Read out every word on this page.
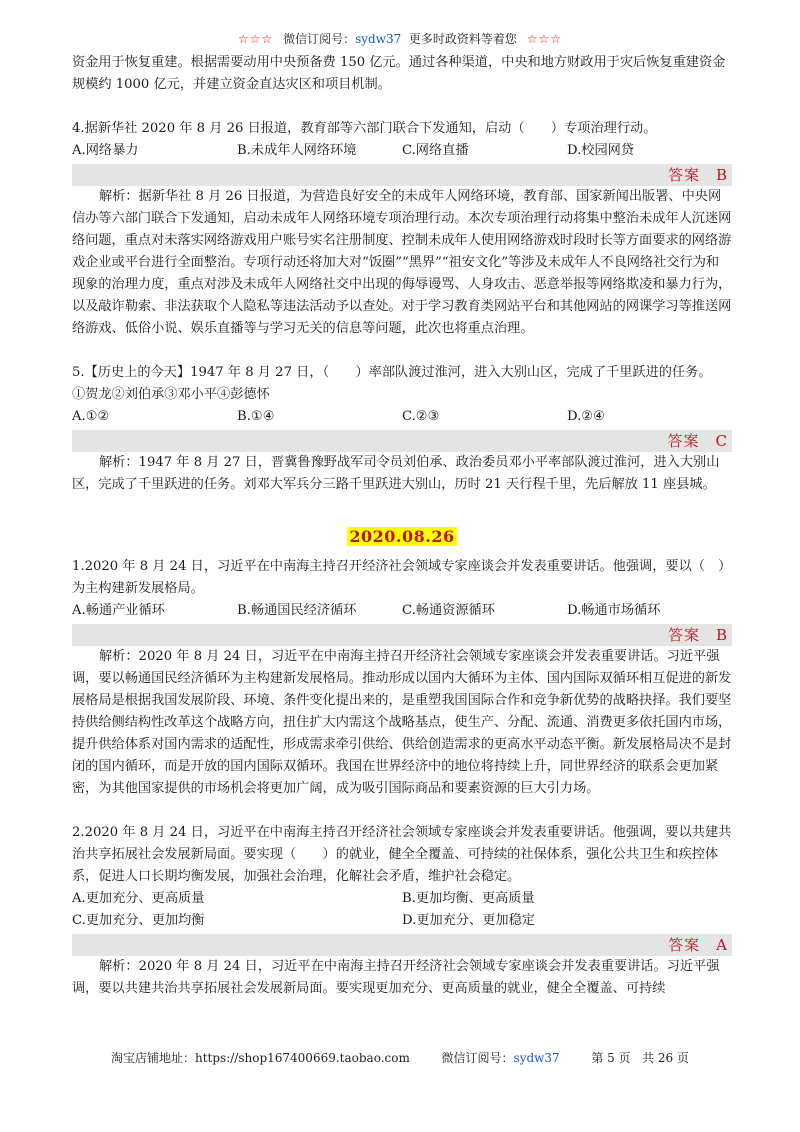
☆☆☆ 微信订阅号：sydw37 更多时政资料等着您 ☆☆☆

资金用于恢复重建。根据需要动用中央预备费 150 亿元。通过各种渠道，中央和地方财政用于灾后恢复重建资金规模约 1000 亿元，并建立资金直达灾区和项目机制。

4.据新华社 2020 年 8 月 26 日报道，教育部等六部门联合下发通知，启动（　　）专项治理行动。

A.网络暴力	B.未成年人网络环境	C.网络直播	D.校园网贷
答案　B

解析：据新华社 8 月 26 日报道，为营造良好安全的未成年人网络环境，教育部、国家新闻出版署、中央网信办等六部门联合下发通知，启动未成年人网络环境专项治理行动。本次专项治理行动将集中整治未成年人沉迷网络问题，重点对未落实网络游戏用户账号实名注册制度、控制未成年人使用网络游戏时段时长等方面要求的网络游戏企业或平台进行全面整治。专项行动还将加大对“饭圈”“黑界”“祖安文化”等涉及未成年人不良网络社交行为和现象的治理力度，重点对涉及未成年人网络社交中出现的侮辱谩骂、人身攻击、恶意举报等网络欺凌和暴力行为，以及敲诈勒索、非法获取个人隐私等违法活动予以查处。对于学习教育类网站平台和其他网站的网课学习等推送网络游戏、低俗小说、娱乐直播等与学习无关的信息等问题，此次也将重点治理。

5.【历史上的今天】1947 年 8 月 27 日，（　　）率部队渡过淮河，进入大别山区，完成了千里跃进的任务。

①贺龙②刘伯承③邓小平④彭德怀

A.①②	B.①④	C.②③	D.②④
答案　C

解析：1947 年 8 月 27 日，晋冀鲁豫野战军司令员刘伯承、政治委员邓小平率部队渡过淮河，进入大别山区，完成了千里跃进的任务。刘邓大军兵分三路千里跃进大别山，历时 21 天行程千里，先后解放 11 座县城。

2020.08.26

1.2020 年 8 月 24 日，习近平在中南海主持召开经济社会领域专家座谈会并发表重要讲话。他强调，要以（　）为主构建新发展格局。

A.畅通产业循环	B.畅通国民经济循环	C.畅通资源循环	D.畅通市场循环
答案　B

解析：2020 年 8 月 24 日，习近平在中南海主持召开经济社会领域专家座谈会并发表重要讲话。习近平强调，要以畅通国民经济循环为主构建新发展格局。推动形成以国内大循环为主体、国内国际双循环相互促进的新发展格局是根据我国发展阶段、环境、条件变化提出来的，是重塑我国国际合作和竞争新优势的战略抉择。我们要坚持供给侧结构性改革这个战略方向，扭住扩大内需这个战略基点，使生产、分配、流通、消费更多依托国内市场，提升供给体系对国内需求的适配性，形成需求牵引供给、供给创造需求的更高水平动态平衡。新发展格局决不是封闭的国内循环，而是开放的国内国际双循环。我国在世界经济中的地位将持续上升，同世界经济的联系会更加紧密，为其他国家提供的市场机会将更加广阔，成为吸引国际商品和要素资源的巨大引力场。

2.2020 年 8 月 24 日，习近平在中南海主持召开经济社会领域专家座谈会并发表重要讲话。他强调，要以共建共治共享拓展社会发展新局面。要实现（　　）的就业，健全全覆盖、可持续的社保体系，强化公共卫生和疾控体系，促进人口长期均衡发展，加强社会治理，化解社会矛盾，维护社会稳定。

A.更加充分、更高质量	B.更加均衡、更高质量
C.更加充分、更加均衡	D.更加充分、更加稳定
答案　A

解析：2020 年 8 月 24 日，习近平在中南海主持召开经济社会领域专家座谈会并发表重要讲话。习近平强调，要以共建共治共享拓展社会发展新局面。要实现更加充分、更高质量的就业，健全全覆盖、可持续

淘宝店铺地址：https://shop167400669.taobao.com	微信订阅号：sydw37	第 5 页 共 26 页
